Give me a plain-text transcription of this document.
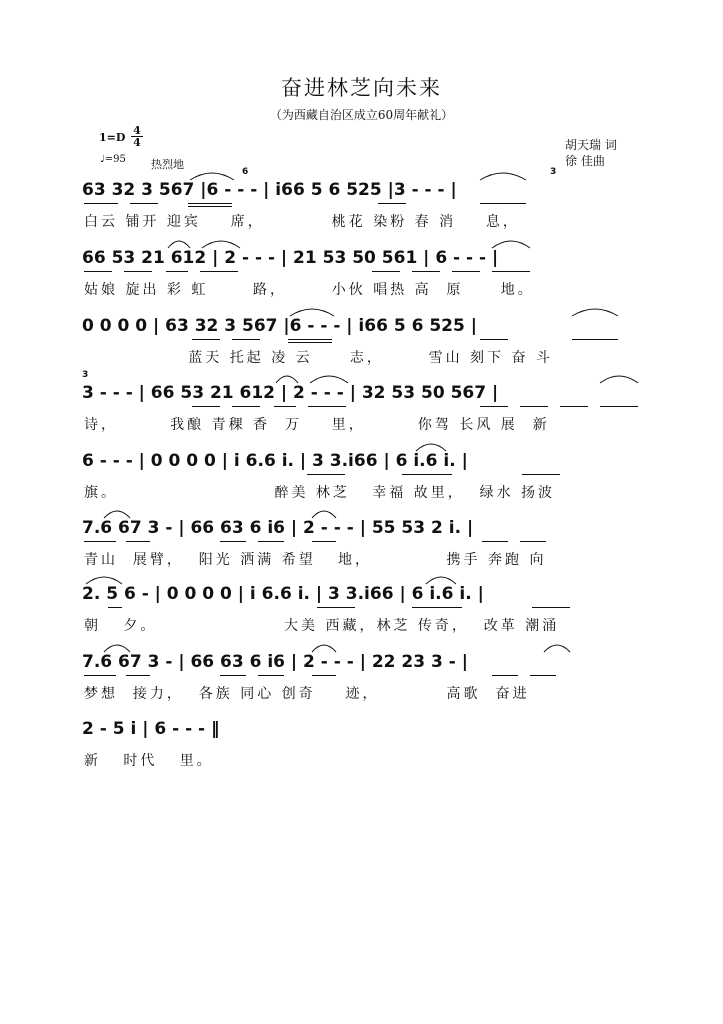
奋进林芝向未来
（为西藏自治区成立60周年献礼）
1=D
4
4
♩=95 热烈地
胡天瑞 词
徐 佳曲
63 32 3 567 |6 - - - | i66 5 6 525 |3 - - - |
白云 铺开 迎宾    席，         桃花 染粉 春 消    息，
6	3
66 53 21 612 | 2 - - - | 21 53 50 561 | 6 - - - |
姑娘 旋出 彩 虹      路，      小伙 唱热 高  原     地。
0 0 0 0 | 63 32 3 567 |6 - - - | i66 5 6 525 |
蓝天 托起 凌 云     志，      雪山 刻下 奋 斗
3 - - - | 66 53 21 612 | 2 - - - | 32 53 50 567 |
诗，       我酿 青稞 香  万    里，       你驾 长风 展  新
3
6 - - - | 0 0 0 0 | i 6.6 i. | 3 3.i66 | 6 i.6 i. |
旗。                     醉美 林芝   幸福 故里，  绿水 扬波
7.6 67 3 - | 66 63 6 i6 | 2 - - - | 55 53 2 i. |
青山  展臂，  阳光 洒满 希望   地，          携手 奔跑 向
2. 5 6 - | 0 0 0 0 | i 6.6 i. | 3 3.i66 | 6 i.6 i. |
朝   夕。                 大美 西藏，林芝 传奇，  改革 潮涌
7.6 67 3 - | 66 63 6 i6 | 2 - - - | 22 23 3 - |
梦想  接力，  各族 同心 创奇    迹，         高歌  奋进
2 - 5 i | 6 - - - ‖
新   时代   里。
